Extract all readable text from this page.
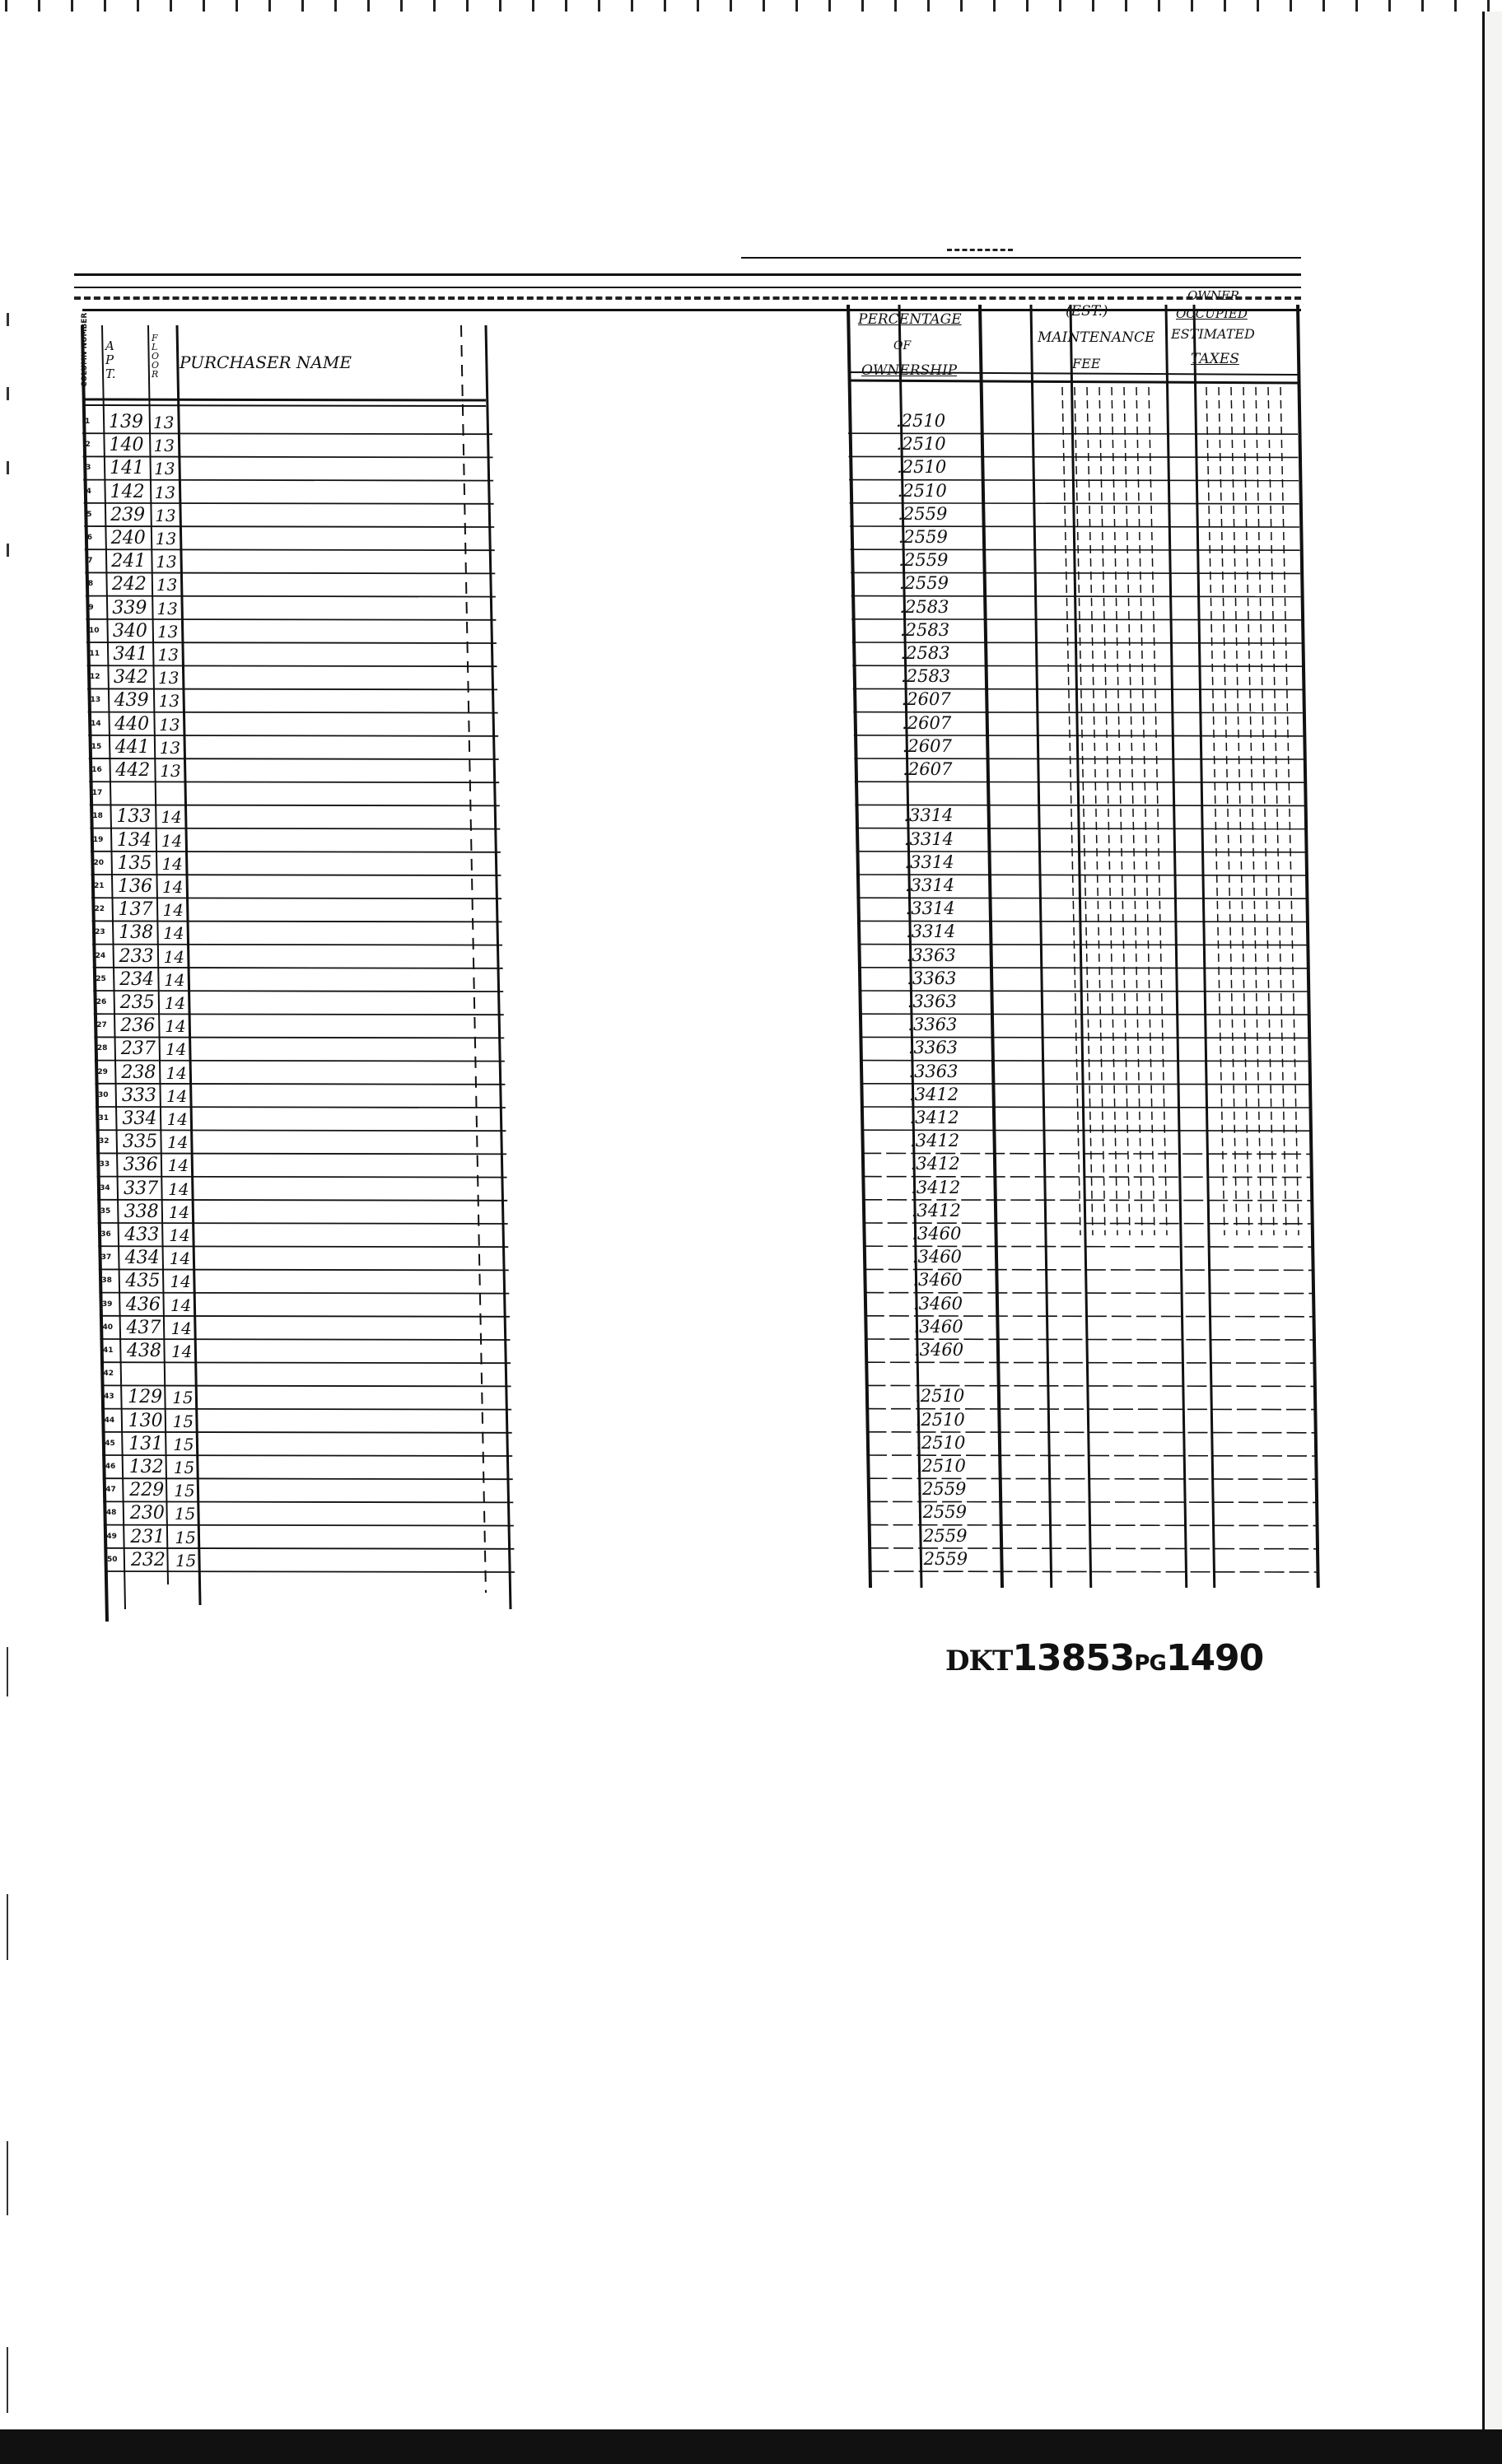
PURCHASER NAME
COLUMN NUMBER A P T.
F L O O R
PERCENTAGE
OF
OWNERSHIP
(EST.)
MAINTENANCE
FEE
OWNER
OCCUPIED
ESTIMATED
TAXES
1 139 13
2 140 13
3 141 13
4 142 13
5 239 13
6 240 13
7 241 13
8 242 13
9 339 13
10 340 13
11 341 13
12 342 13
13 439 13
14 440 13
15 441 13
16 442 13
17
18 133 14
19 134 14
20 135 14
21 136 14
22 137 14
23 138 14
24 233 14
25 234 14
26 235 14
27 236 14
28 237 14
29 238 14
30 333 14
31 334 14
32 335 14
33 336 14
34 337 14
35 338 14
36 433 14
37 434 14
38 435 14
39 436 14
40 437 14
41 438 14
42
43 129 15
44 130 15
45 131 15
46 132 15
47 229 15
48 230 15
49 231 15
50 232 15
.2510
.2510
.2510
.2510
.2559
.2559
.2559
.2559
.2583
.2583
.2583
.2583
.2607
.2607
.2607
.2607
.3314
.3314
.3314
.3314
.3314
.3314
.3363
.3363
.3363
.3363
.3363
.3363
.3412
.3412
.3412
.3412
.3412
.3412
.3460
.3460
.3460
.3460
.3460
.3460
.2510
.2510
.2510
.2510
.2559
.2559
.2559
.2559
DKT13853PG1490
